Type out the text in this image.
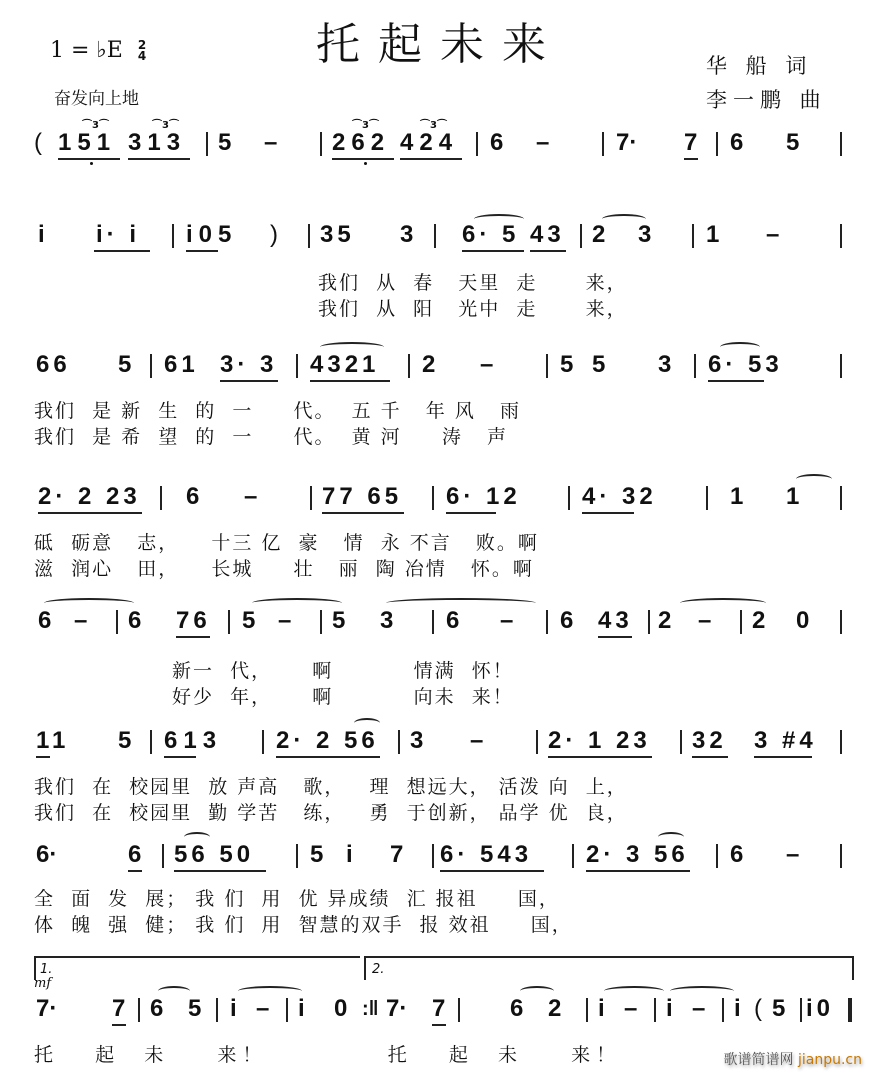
托起未来
1 = ♭E 2
4
奋发向上地
华 船 词
李一鹏 曲
(
⌒3⌒	⌒3⌒
151 313 5 – 262 424
⌒3⌒	⌒3⌒
6 –	7· 7 6 5
i i· i i05 ) 35 3 6· 5 43 2 3 1 –
我们  从  春   天里  走      来，
我们  从  阳   光中  走      来，
66 5 61 3· 3 4321 2 –	5 5 3 6· 53
我们  是 新  生  的  一     代。  五 千   年 风   雨
我们  是 希  望  的  一     代。  黄 河     涛   声
2· 2 23 6 –	77 65 6· 12	4· 32	1 1
砥  砺意   志，    十三 亿  豪   情  永 不言   败。啊
滋  润心   田，    长城     壮   丽  陶 冶情   怀。啊
6 – 6 76 5 – 5 3 6 – 6 43 2 – 2 0
新一  代，     啊          情满  怀！
好少  年，     啊          向未  来！
11 5 613 2· 2 56 3 –	2· 1 23 32 3 #4
我们  在  校园里  放 声高   歌，   理  想远大， 活泼 向  上，
我们  在  校园里  勤 学苦   练，   勇  于创新， 品学 优  良，
6·	6 56 50 5 i 7 6· 543 2· 3 56 6 –
全  面  发  展； 我 们  用  优 异成绩  汇 报祖     国，
体  魄  强  健； 我 们  用  智慧的双手  报 效祖     国，
1.	2.
mf
7· 7 6 5 i – i 0 :‖ 7· 7	6 2 i – i – i ( 5 i0
托   起  未    来！          托   起  未    来！	歌谱简谱网 jianpu.cn
